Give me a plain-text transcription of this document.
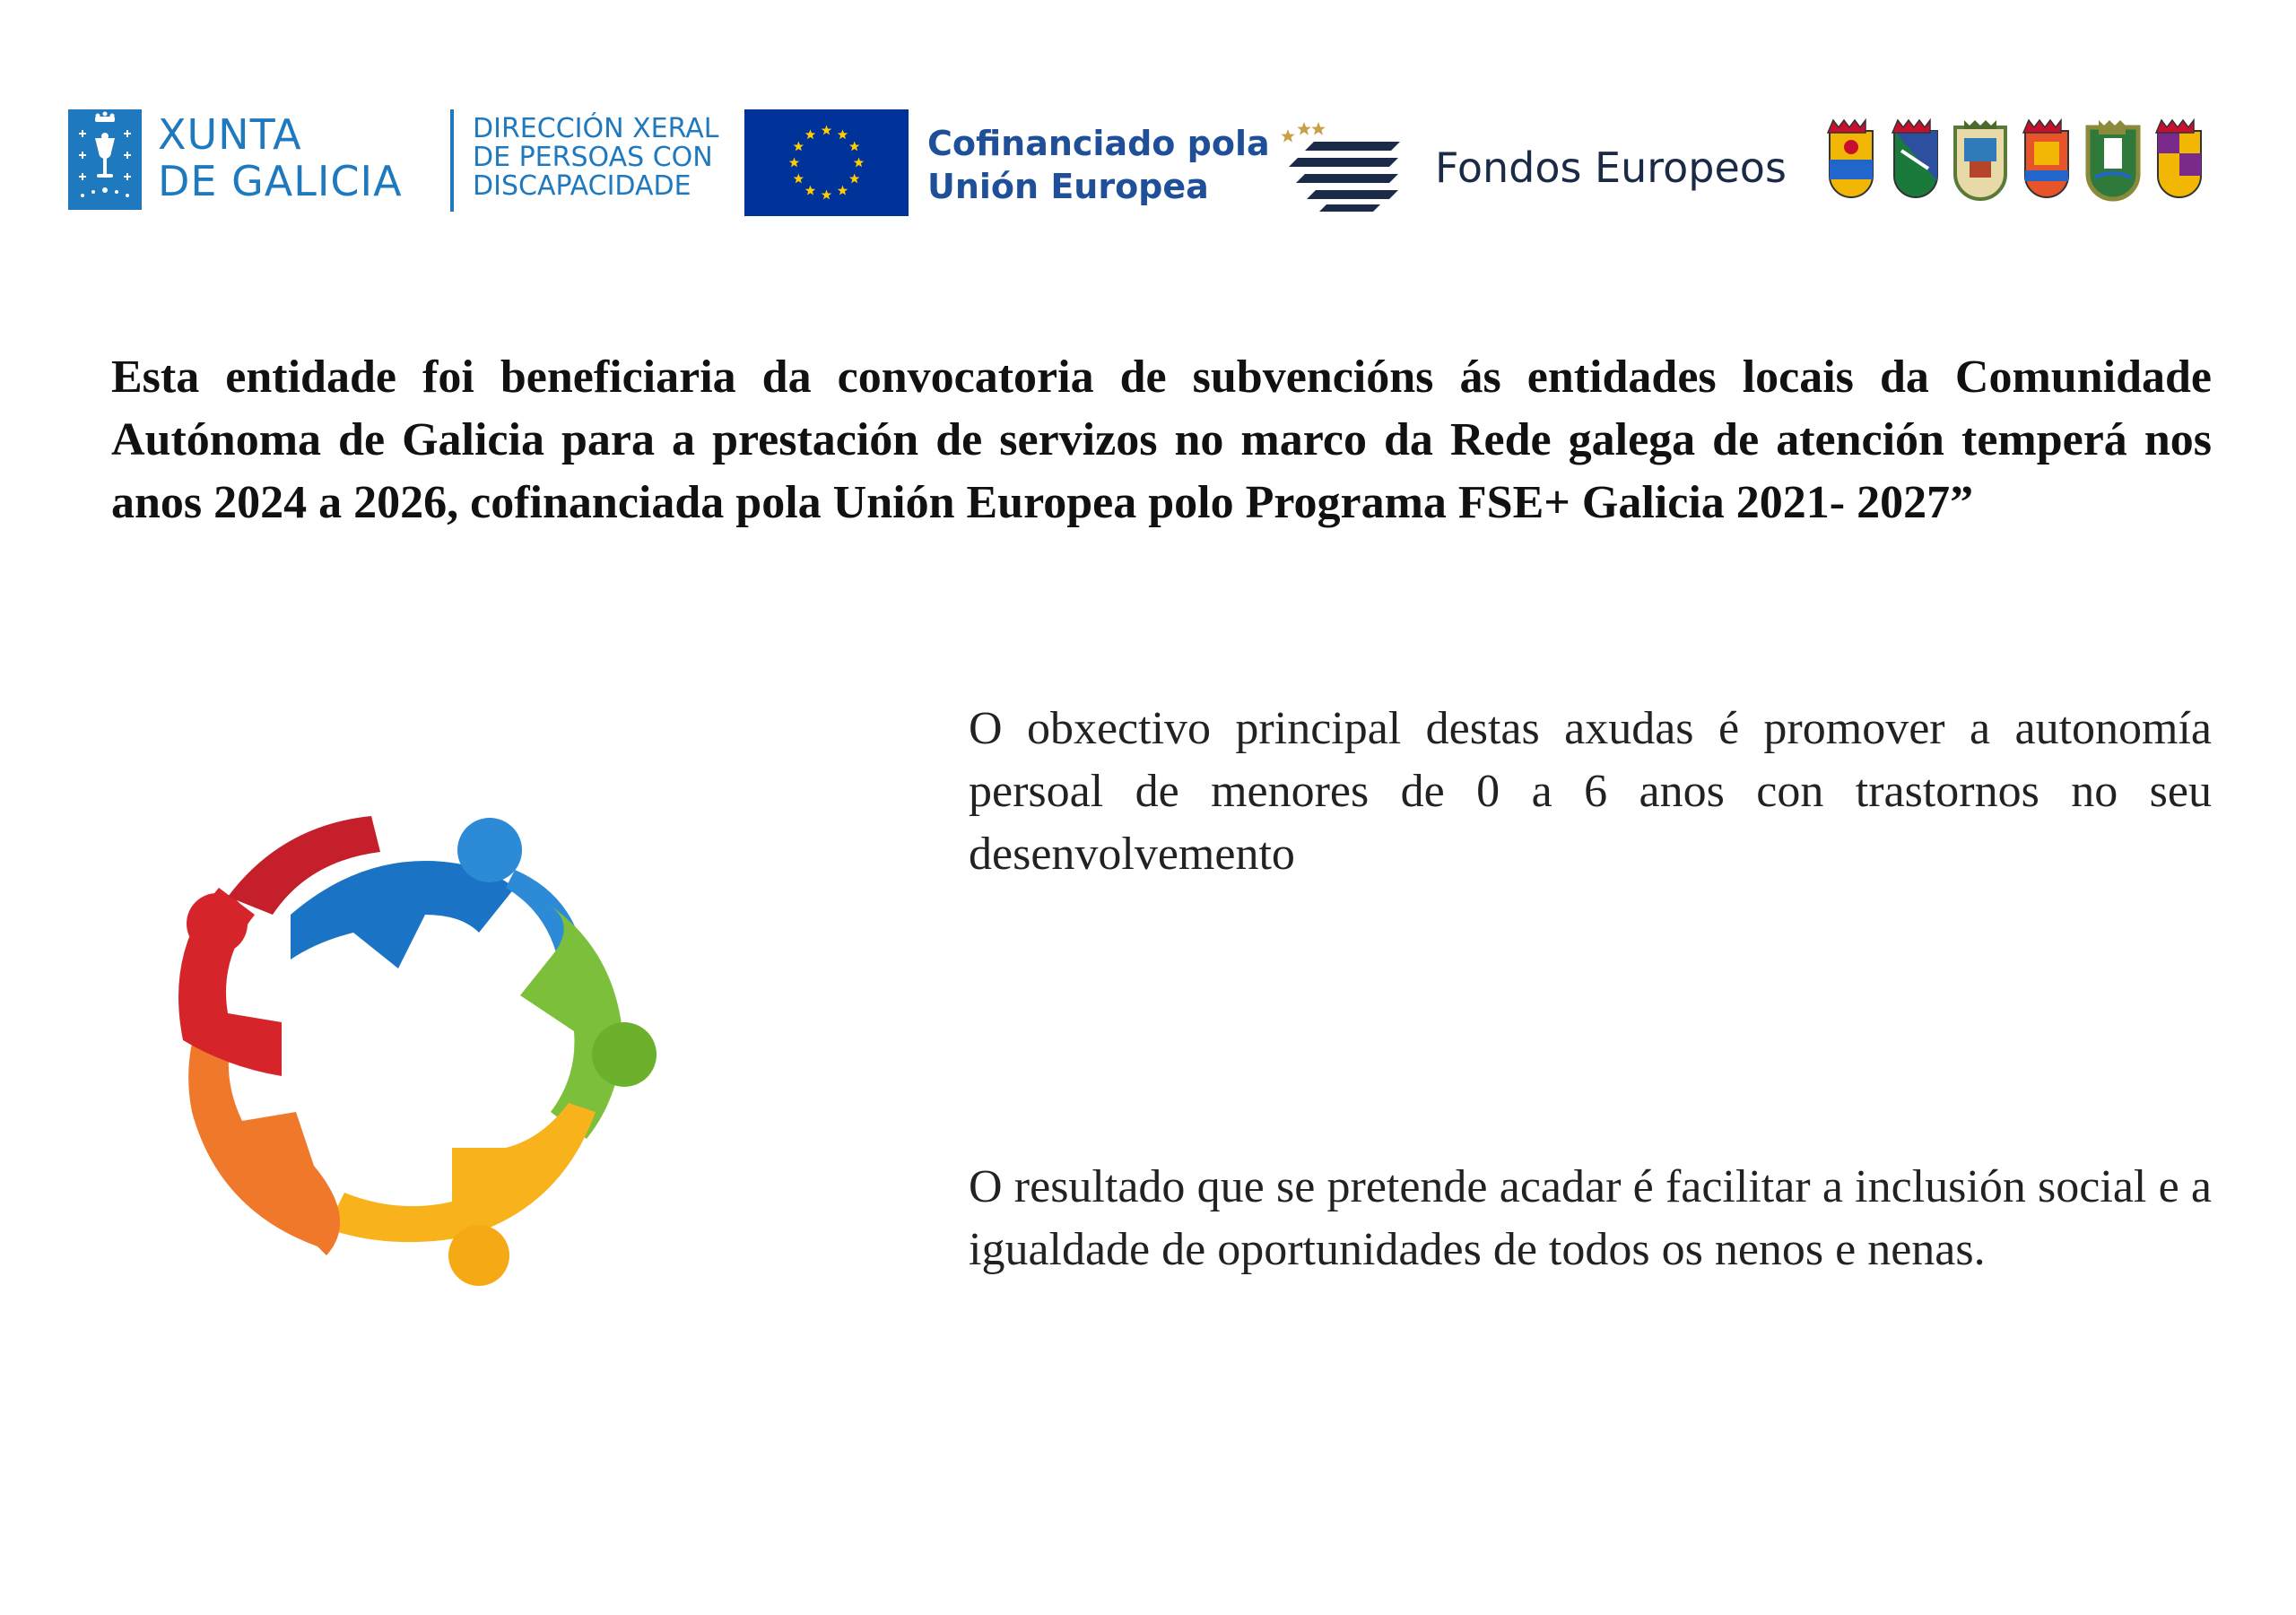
XUNTA
DE GALICIA
DIRECCIÓN XERAL
DE PERSOAS CON
DISCAPACIDADE
Cofinanciado pola
Unión Europea	Fondos Europeos
Esta entidade foi beneficiaria da convocatoria de subvencións ás entidades locais da Comunidade Autónoma de Galicia para a prestación de servizos no marco da Rede galega de atención temperá nos anos 2024 a 2026, cofinanciada pola Unión Europea polo Programa FSE+ Galicia 2021- 2027”
O obxectivo principal destas axudas é promover a autonomía persoal de menores de 0 a 6 anos con trastornos no seu desenvolvemento
O resultado que se pretende acadar é facilitar a inclusión social e a igualdade de oportunidades de todos os nenos e nenas.
